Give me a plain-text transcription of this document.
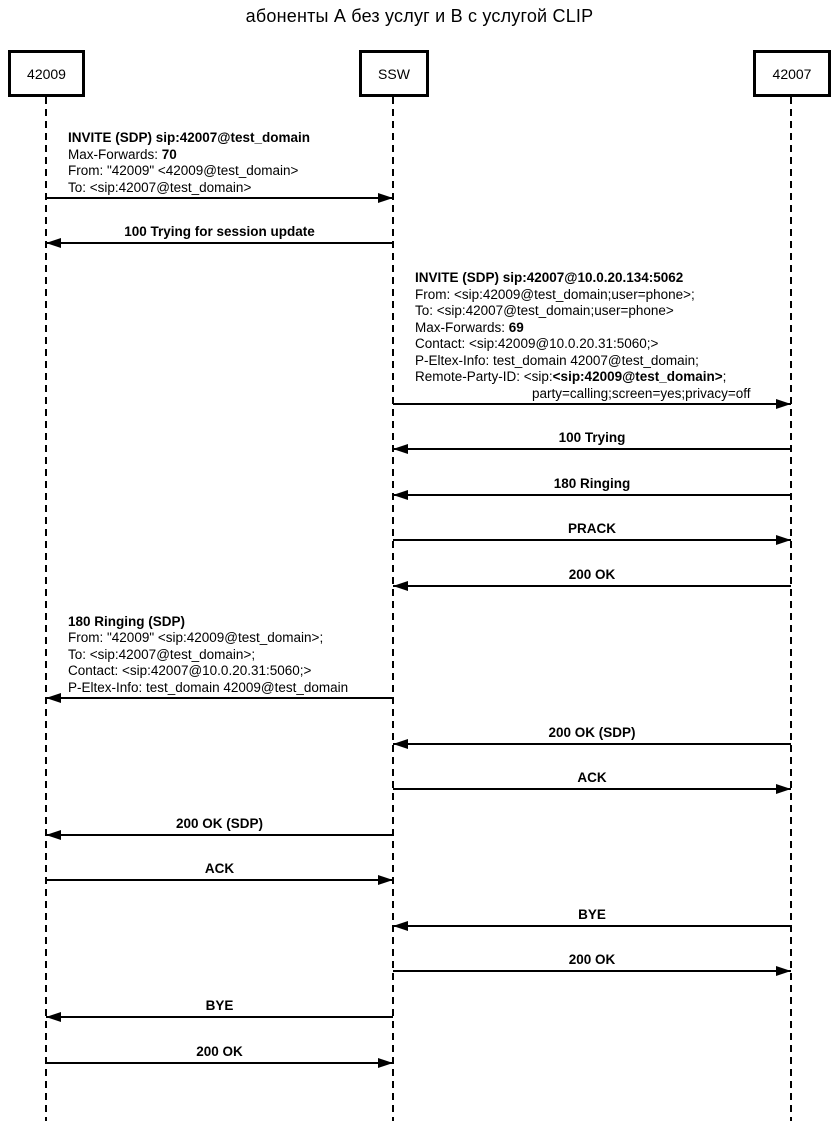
абоненты А без услуг и В с услугой CLIP
42009	SSW	42007
INVITE (SDP) sip:42007@test_domain
Max-Forwards: 70
From: "42009" <42009@test_domain>
To: <sip:42007@test_domain>
100 Trying for session update
INVITE (SDP) sip:42007@10.0.20.134:5062
From: <sip:42009@test_domain;user=phone>;
To: <sip:42007@test_domain;user=phone>
Max-Forwards: 69
Contact: <sip:42009@10.0.20.31:5060;>
P-Eltex-Info: test_domain 42007@test_domain;
Remote-Party-ID: <sip:<sip:42009@test_domain>;
party=calling;screen=yes;privacy=off
100 Trying
180 Ringing
PRACK
200 OK
180 Ringing (SDP)
From: "42009" <sip:42009@test_domain>;
To: <sip:42007@test_domain>;
Contact: <sip:42007@10.0.20.31:5060;>
P-Eltex-Info: test_domain 42009@test_domain
200 OK (SDP)
ACK
200 OK (SDP)
ACK
BYE
200 OK
BYE
200 OK
